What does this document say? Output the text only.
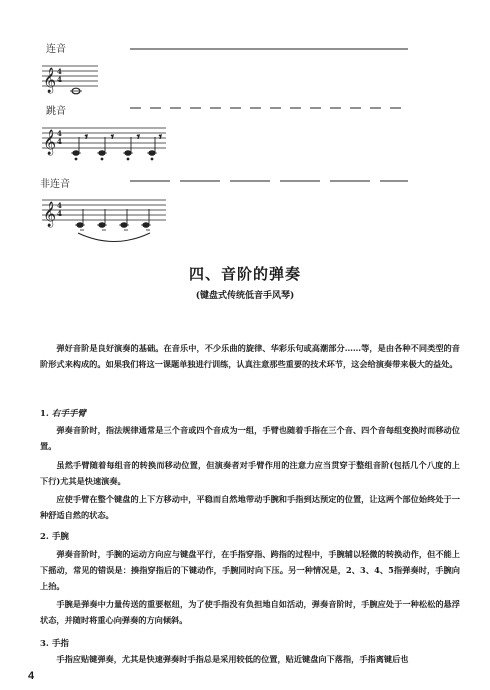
连音
𝄞 4
4
跳音
𝄞 4
4 𝄾 𝄾 𝄾 𝄾
非连音
𝄞 4
4
四、音阶的弹奏
(键盘式传统低音手风琴)

弹好音阶是良好演奏的基础。在音乐中，不少乐曲的旋律、华彩乐句或高潮部分……等，是由各种不同类型的音阶形式来构成的。如果我们将这一课题单独进行训练，认真注意那些重要的技术环节，这会给演奏带来极大的益处。

1. 右手手臂

弹奏音阶时，指法规律通常是三个音或四个音成为一组，手臂也随着手指在三个音、四个音每组变换时而移动位置。

虽然手臂随着每组音的转换而移动位置，但演奏者对手臂作用的注意力应当贯穿于整组音阶(包括几个八度的上下行)尤其是快速演奏。

应使手臂在整个键盘的上下方移动中，平稳而自然地带动手腕和手指到达预定的位置，让这两个部位始终处于一种舒适自然的状态。

2. 手腕

弹奏音阶时，手腕的运动方向应与键盘平行，在手指穿指、跨指的过程中，手腕辅以轻微的转换动作，但不能上下摇动，常见的错误是：揍指穿指后的下键动作，手腕同时向下压。另一种情况是，2、3、4、5指弹奏时，手腕向上抬。

手腕是弹奏中力量传送的重要枢纽，为了使手指没有负担地自如活动，弹奏音阶时，手腕应处于一种松松的悬浮状态，并随时将重心向弹奏的方向倾斜。

3. 手指

手指应贴键弹奏，尤其是快速弹奏时手指总是采用较低的位置，贴近键盘向下落指，手指离键后也

4
